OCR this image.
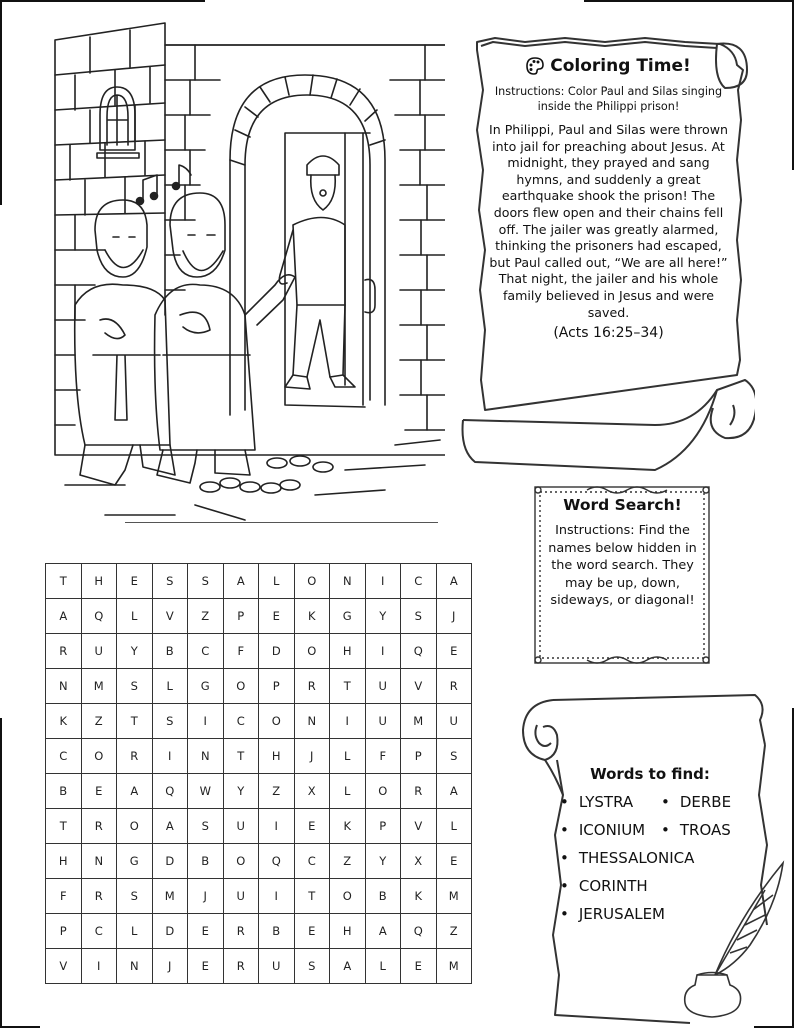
Coloring Time!
Instructions: Color Paul and Silas singing inside the Philippi prison!
In Philippi, Paul and Silas were thrown into jail for preaching about Jesus. At midnight, they prayed and sang hymns, and suddenly a great earthquake shook the prison! The doors flew open and their chains fell off. The jailer was greatly alarmed, thinking the prisoners had escaped, but Paul called out, “We are all here!” That night, the jailer and his whole family believed in Jesus and were saved.
(Acts 16:25–34)
Word Search!
Instructions: Find the names below hidden in the word search. They may be up, down, sideways, or diagonal!
T	H	E	S	S	A	L	O	N	I	C	A
A	Q	L	V	Z	P	E	K	G	Y	S	J
R	U	Y	B	C	F	D	O	H	I	Q	E
N	M	S	L	G	O	P	R	T	U	V	R
K	Z	T	S	I	C	O	N	I	U	M	U
C	O	R	I	N	T	H	J	L	F	P	S
B	E	A	Q	W	Y	Z	X	L	O	R	A
T	R	O	A	S	U	I	E	K	P	V	L
H	N	G	D	B	O	Q	C	Z	Y	X	E
F	R	S	M	J	U	I	T	O	B	K	M
P	C	L	D	E	R	B	E	H	A	Q	Z
V	I	N	J	E	R	U	S	A	L	E	M
Words to find:
• LYSTRA	• DERBE
• ICONIUM	• TROAS
• THESSALONICA
• CORINTH
• JERUSALEM
